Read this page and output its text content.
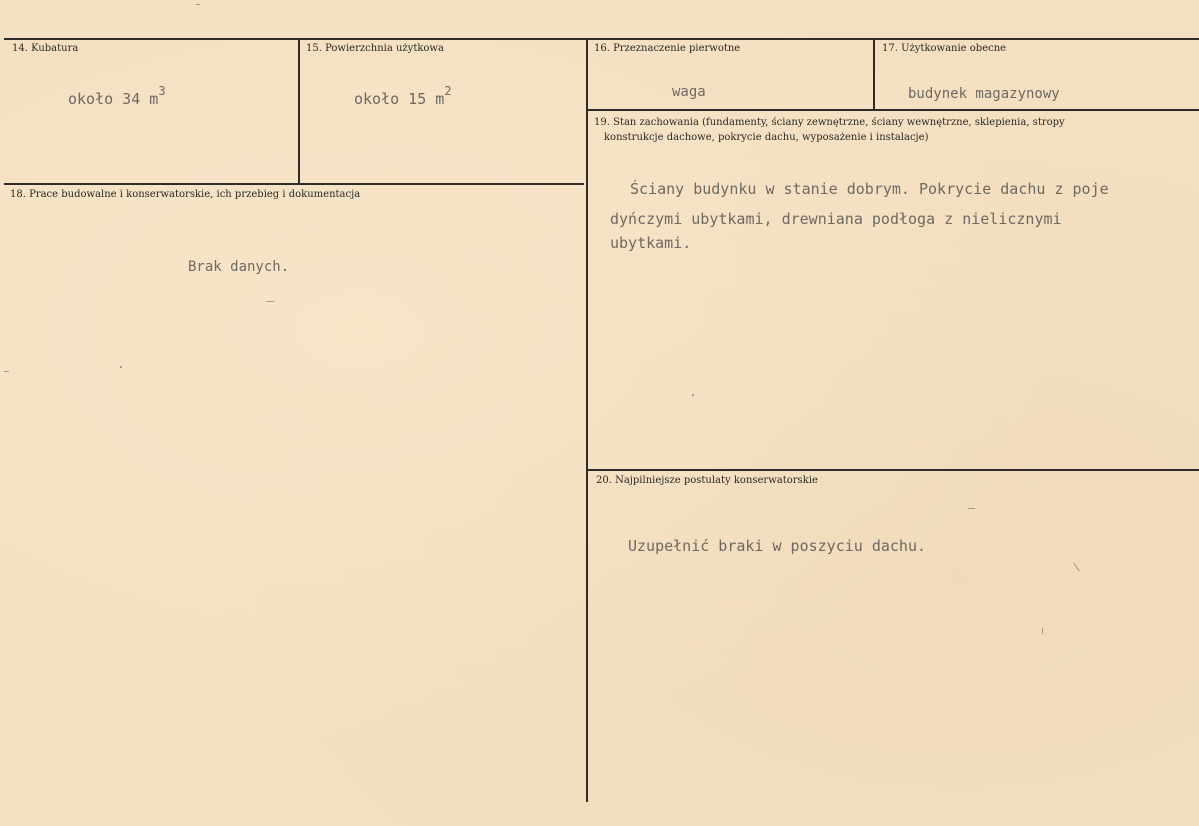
14. Kubatura
około 34 $m^3$
15. Powierzchnia użytkowa
około 15 $m^2$
16. Przeznaczenie pierwotne
waga
17. Użytkowanie obecne
budynek magazynowy
18. Prace budowalne i konserwatorskie, ich przebieg i dokumentacja
Brak danych.
19. Stan zachowania (fundamenty, ściany zewnętrzne, ściany wewnętrzne, sklepienia, stropy
konstrukcje dachowe, pokrycie dachu, wyposażenie i instalacje)
Ściany budynku w stanie dobrym. Pokrycie dachu z poje
dyńczymi ubytkami, drewniana podłoga z nielicznymi
ubytkami.
20. Najpilniejsze postulaty konserwatorskie
Uzupełnić braki w poszyciu dachu.
